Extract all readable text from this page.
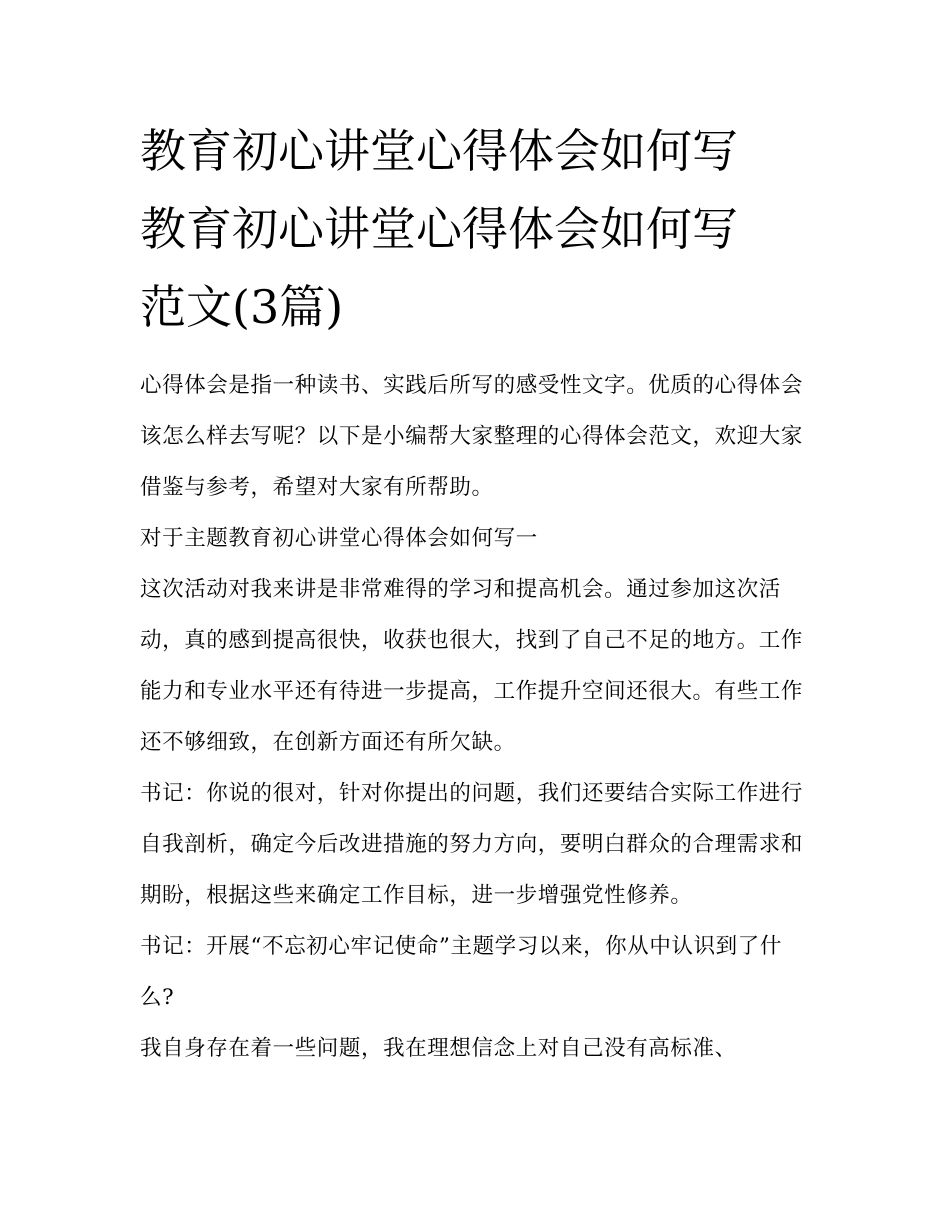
教育初心讲堂心得体会如何写
教育初心讲堂心得体会如何写
范文(3篇)

心得体会是指一种读书、实践后所写的感受性文字。优质的心得体会该怎么样去写呢？以下是小编帮大家整理的心得体会范文，欢迎大家借鉴与参考，希望对大家有所帮助。

对于主题教育初心讲堂心得体会如何写一

这次活动对我来讲是非常难得的学习和提高机会。通过参加这次活动，真的感到提高很快，收获也很大，找到了自己不足的地方。工作能力和专业水平还有待进一步提高，工作提升空间还很大。有些工作还不够细致，在创新方面还有所欠缺。

书记：你说的很对，针对你提出的问题，我们还要结合实际工作进行自我剖析，确定今后改进措施的努力方向，要明白群众的合理需求和期盼，根据这些来确定工作目标，进一步增强党性修养。

书记：开展“不忘初心牢记使命”主题学习以来，你从中认识到了什么?

我自身存在着一些问题，我在理想信念上对自己没有高标准、
